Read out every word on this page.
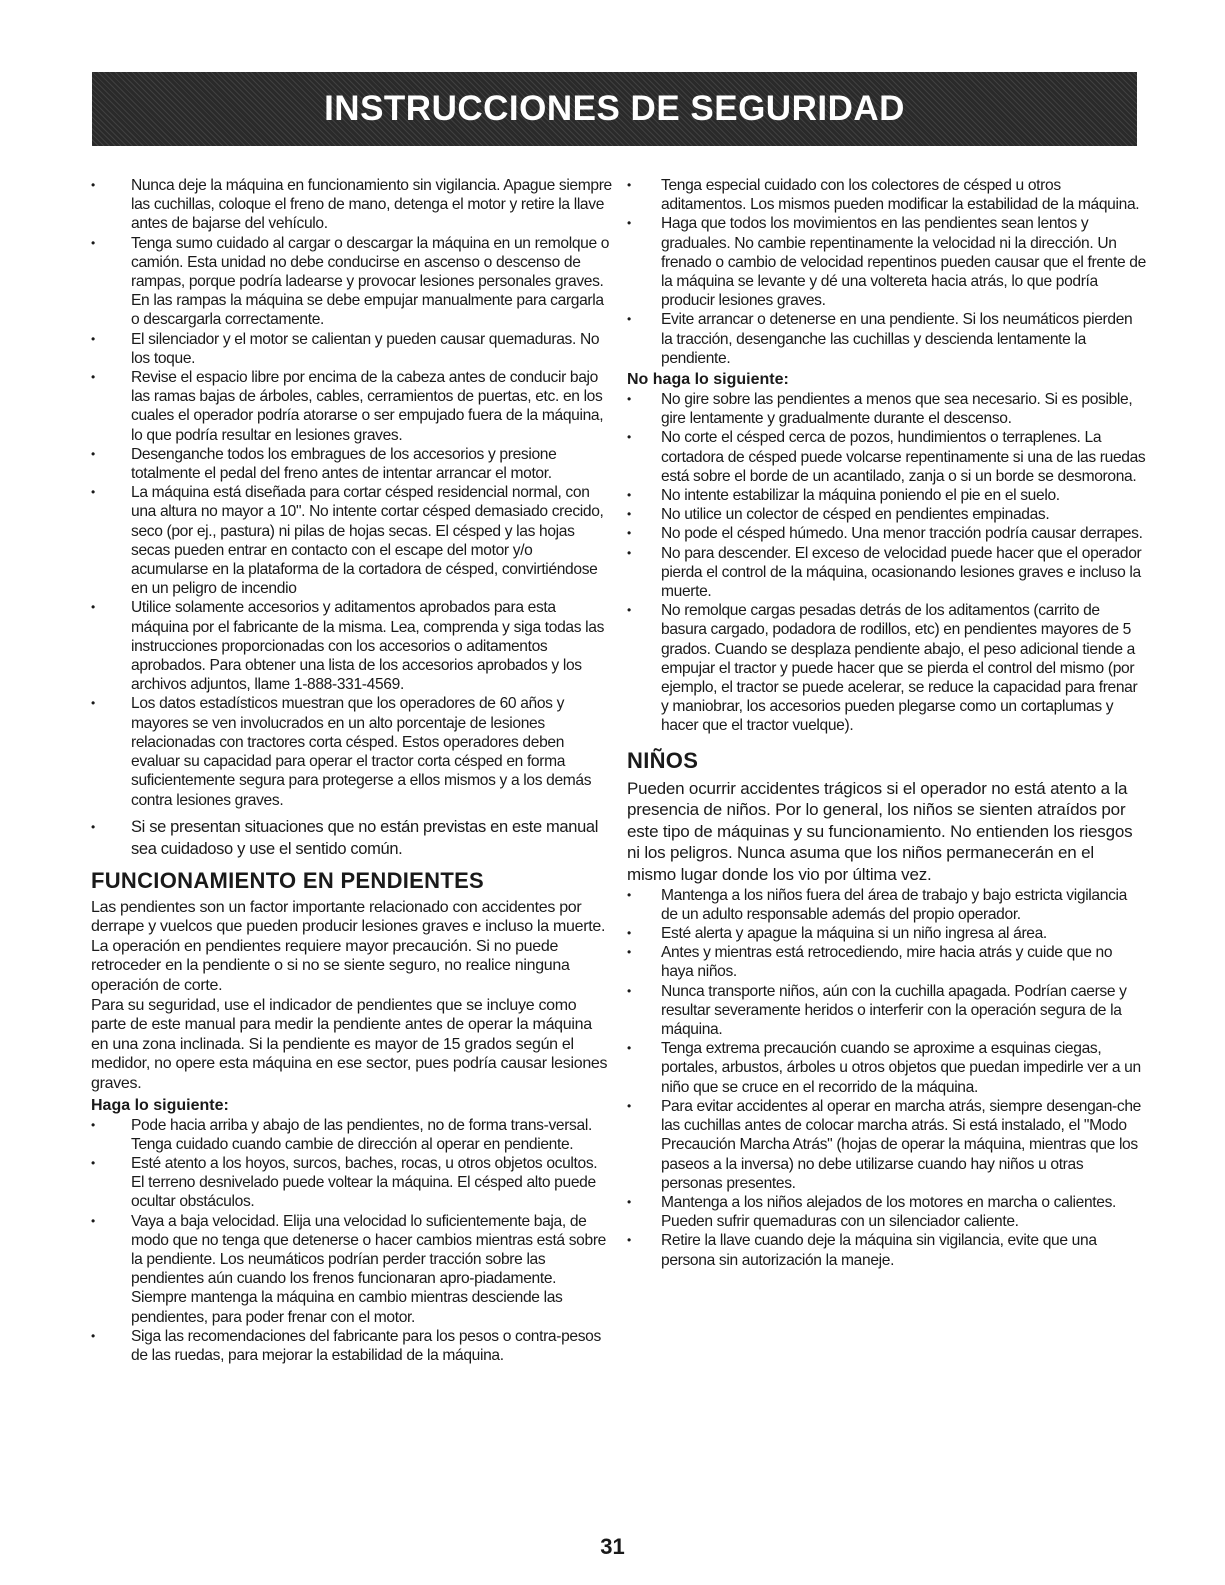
INSTRUCCIONES DE SEGURIDAD
• Nunca deje la máquina en funcionamiento sin vigilancia. Apague siempre las cuchillas, coloque el freno de mano, detenga el motor y retire la llave antes de bajarse del vehículo.
• Tenga sumo cuidado al cargar o descargar la máquina en un remolque o camión. Esta unidad no debe conducirse en ascenso o descenso de rampas, porque podría ladearse y provocar lesiones personales graves. En las rampas la máquina se debe empujar manualmente para cargarla o descargarla correctamente.
• El silenciador y el motor se calientan y pueden causar quemaduras. No los toque.
• Revise el espacio libre por encima de la cabeza antes de conducir bajo las ramas bajas de árboles, cables, cerramientos de puertas, etc. en los cuales el operador podría atorarse o ser empujado fuera de la máquina, lo que podría resultar en lesiones graves.
• Desenganche todos los embragues de los accesorios y presione totalmente el pedal del freno antes de intentar arrancar el motor.
• La máquina está diseñada para cortar césped residencial normal, con una altura no mayor a 10". No intente cortar césped demasiado crecido, seco (por ej., pastura) ni pilas de hojas secas. El césped y las hojas secas pueden entrar en contacto con el escape del motor y/o acumularse en la plataforma de la cortadora de césped, convirtiéndose en un peligro de incendio
• Utilice solamente accesorios y aditamentos aprobados para esta máquina por el fabricante de la misma. Lea, comprenda y siga todas las instrucciones proporcionadas con los accesorios o aditamentos aprobados. Para obtener una lista de los accesorios aprobados y los archivos adjuntos, llame 1-888-331-4569.
• Los datos estadísticos muestran que los operadores de 60 años y mayores se ven involucrados en un alto porcentaje de lesiones relacionadas con tractores corta césped. Estos operadores deben evaluar su capacidad para operar el tractor corta césped en forma suficientemente segura para protegerse a ellos mismos y a los demás contra lesiones graves.
• Si se presentan situaciones que no están previstas en este manual sea cuidadoso y use el sentido común.
FUNCIONAMIENTO EN PENDIENTES

Las pendientes son un factor importante relacionado con accidentes por derrape y vuelcos que pueden producir lesiones graves e incluso la muerte. La operación en pendientes requiere mayor precaución. Si no puede retroceder en la pendiente o si no se siente seguro, no realice ninguna operación de corte.

Para su seguridad, use el indicador de pendientes que se incluye como parte de este manual para medir la pendiente antes de operar la máquina en una zona inclinada. Si la pendiente es mayor de 15 grados según el medidor, no opere esta máquina en ese sector, pues podría causar lesiones graves.

Haga lo siguiente:
• Pode hacia arriba y abajo de las pendientes, no de forma trans-versal. Tenga cuidado cuando cambie de dirección al operar en pendiente.
• Esté atento a los hoyos, surcos, baches, rocas, u otros objetos ocultos. El terreno desnivelado puede voltear la máquina. El césped alto puede ocultar obstáculos.
• Vaya a baja velocidad. Elija una velocidad lo suficientemente baja, de modo que no tenga que detenerse o hacer cambios mientras está sobre la pendiente. Los neumáticos podrían perder tracción sobre las pendientes aún cuando los frenos funcionaran apro-piadamente. Siempre mantenga la máquina en cambio mientras desciende las pendientes, para poder frenar con el motor.
• Siga las recomendaciones del fabricante para los pesos o contra-pesos de las ruedas, para mejorar la estabilidad de la máquina.
• Tenga especial cuidado con los colectores de césped u otros aditamentos. Los mismos pueden modificar la estabilidad de la máquina.
• Haga que todos los movimientos en las pendientes sean lentos y graduales. No cambie repentinamente la velocidad ni la dirección. Un frenado o cambio de velocidad repentinos pueden causar que el frente de la máquina se levante y dé una voltereta hacia atrás, lo que podría producir lesiones graves.
• Evite arrancar o detenerse en una pendiente. Si los neumáticos pierden la tracción, desenganche las cuchillas y descienda lentamente la pendiente.
No haga lo siguiente:
• No gire sobre las pendientes a menos que sea necesario. Si es posible, gire lentamente y gradualmente durante el descenso.
• No corte el césped cerca de pozos, hundimientos o terraplenes. La cortadora de césped puede volcarse repentinamente si una de las ruedas está sobre el borde de un acantilado, zanja o si un borde se desmorona.
• No intente estabilizar la máquina poniendo el pie en el suelo.
• No utilice un colector de césped en pendientes empinadas.
• No pode el césped húmedo. Una menor tracción podría causar derrapes.
• No para descender. El exceso de velocidad puede hacer que el operador pierda el control de la máquina, ocasionando lesiones graves e incluso la muerte.
• No remolque cargas pesadas detrás de los aditamentos (carrito de basura cargado, podadora de rodillos, etc) en pendientes mayores de 5 grados. Cuando se desplaza pendiente abajo, el peso adicional tiende a empujar el tractor y puede hacer que se pierda el control del mismo (por ejemplo, el tractor se puede acelerar, se reduce la capacidad para frenar y maniobrar, los accesorios pueden plegarse como un cortaplumas y hacer que el tractor vuelque).
NIÑOS

Pueden ocurrir accidentes trágicos si el operador no está atento a la presencia de niños. Por lo general, los niños se sienten atraídos por este tipo de máquinas y su funcionamiento. No entienden los riesgos ni los peligros. Nunca asuma que los niños permanecerán en el mismo lugar donde los vio por última vez.

• Mantenga a los niños fuera del área de trabajo y bajo estricta vigilancia de un adulto responsable además del propio operador.
• Esté alerta y apague la máquina si un niño ingresa al área.
• Antes y mientras está retrocediendo, mire hacia atrás y cuide que no haya niños.
• Nunca transporte niños, aún con la cuchilla apagada. Podrían caerse y resultar severamente heridos o interferir con la operación segura de la máquina.
• Tenga extrema precaución cuando se aproxime a esquinas ciegas, portales, arbustos, árboles u otros objetos que puedan impedirle ver a un niño que se cruce en el recorrido de la máquina.
• Para evitar accidentes al operar en marcha atrás, siempre desengan-che las cuchillas antes de colocar marcha atrás. Si está instalado, el "Modo Precaución Marcha Atrás" (hojas de operar la máquina, mientras que los paseos a la inversa) no debe utilizarse cuando hay niños u otras personas presentes.
• Mantenga a los niños alejados de los motores en marcha o calientes. Pueden sufrir quemaduras con un silenciador caliente.
• Retire la llave cuando deje la máquina sin vigilancia, evite que una persona sin autorización la maneje.
31
